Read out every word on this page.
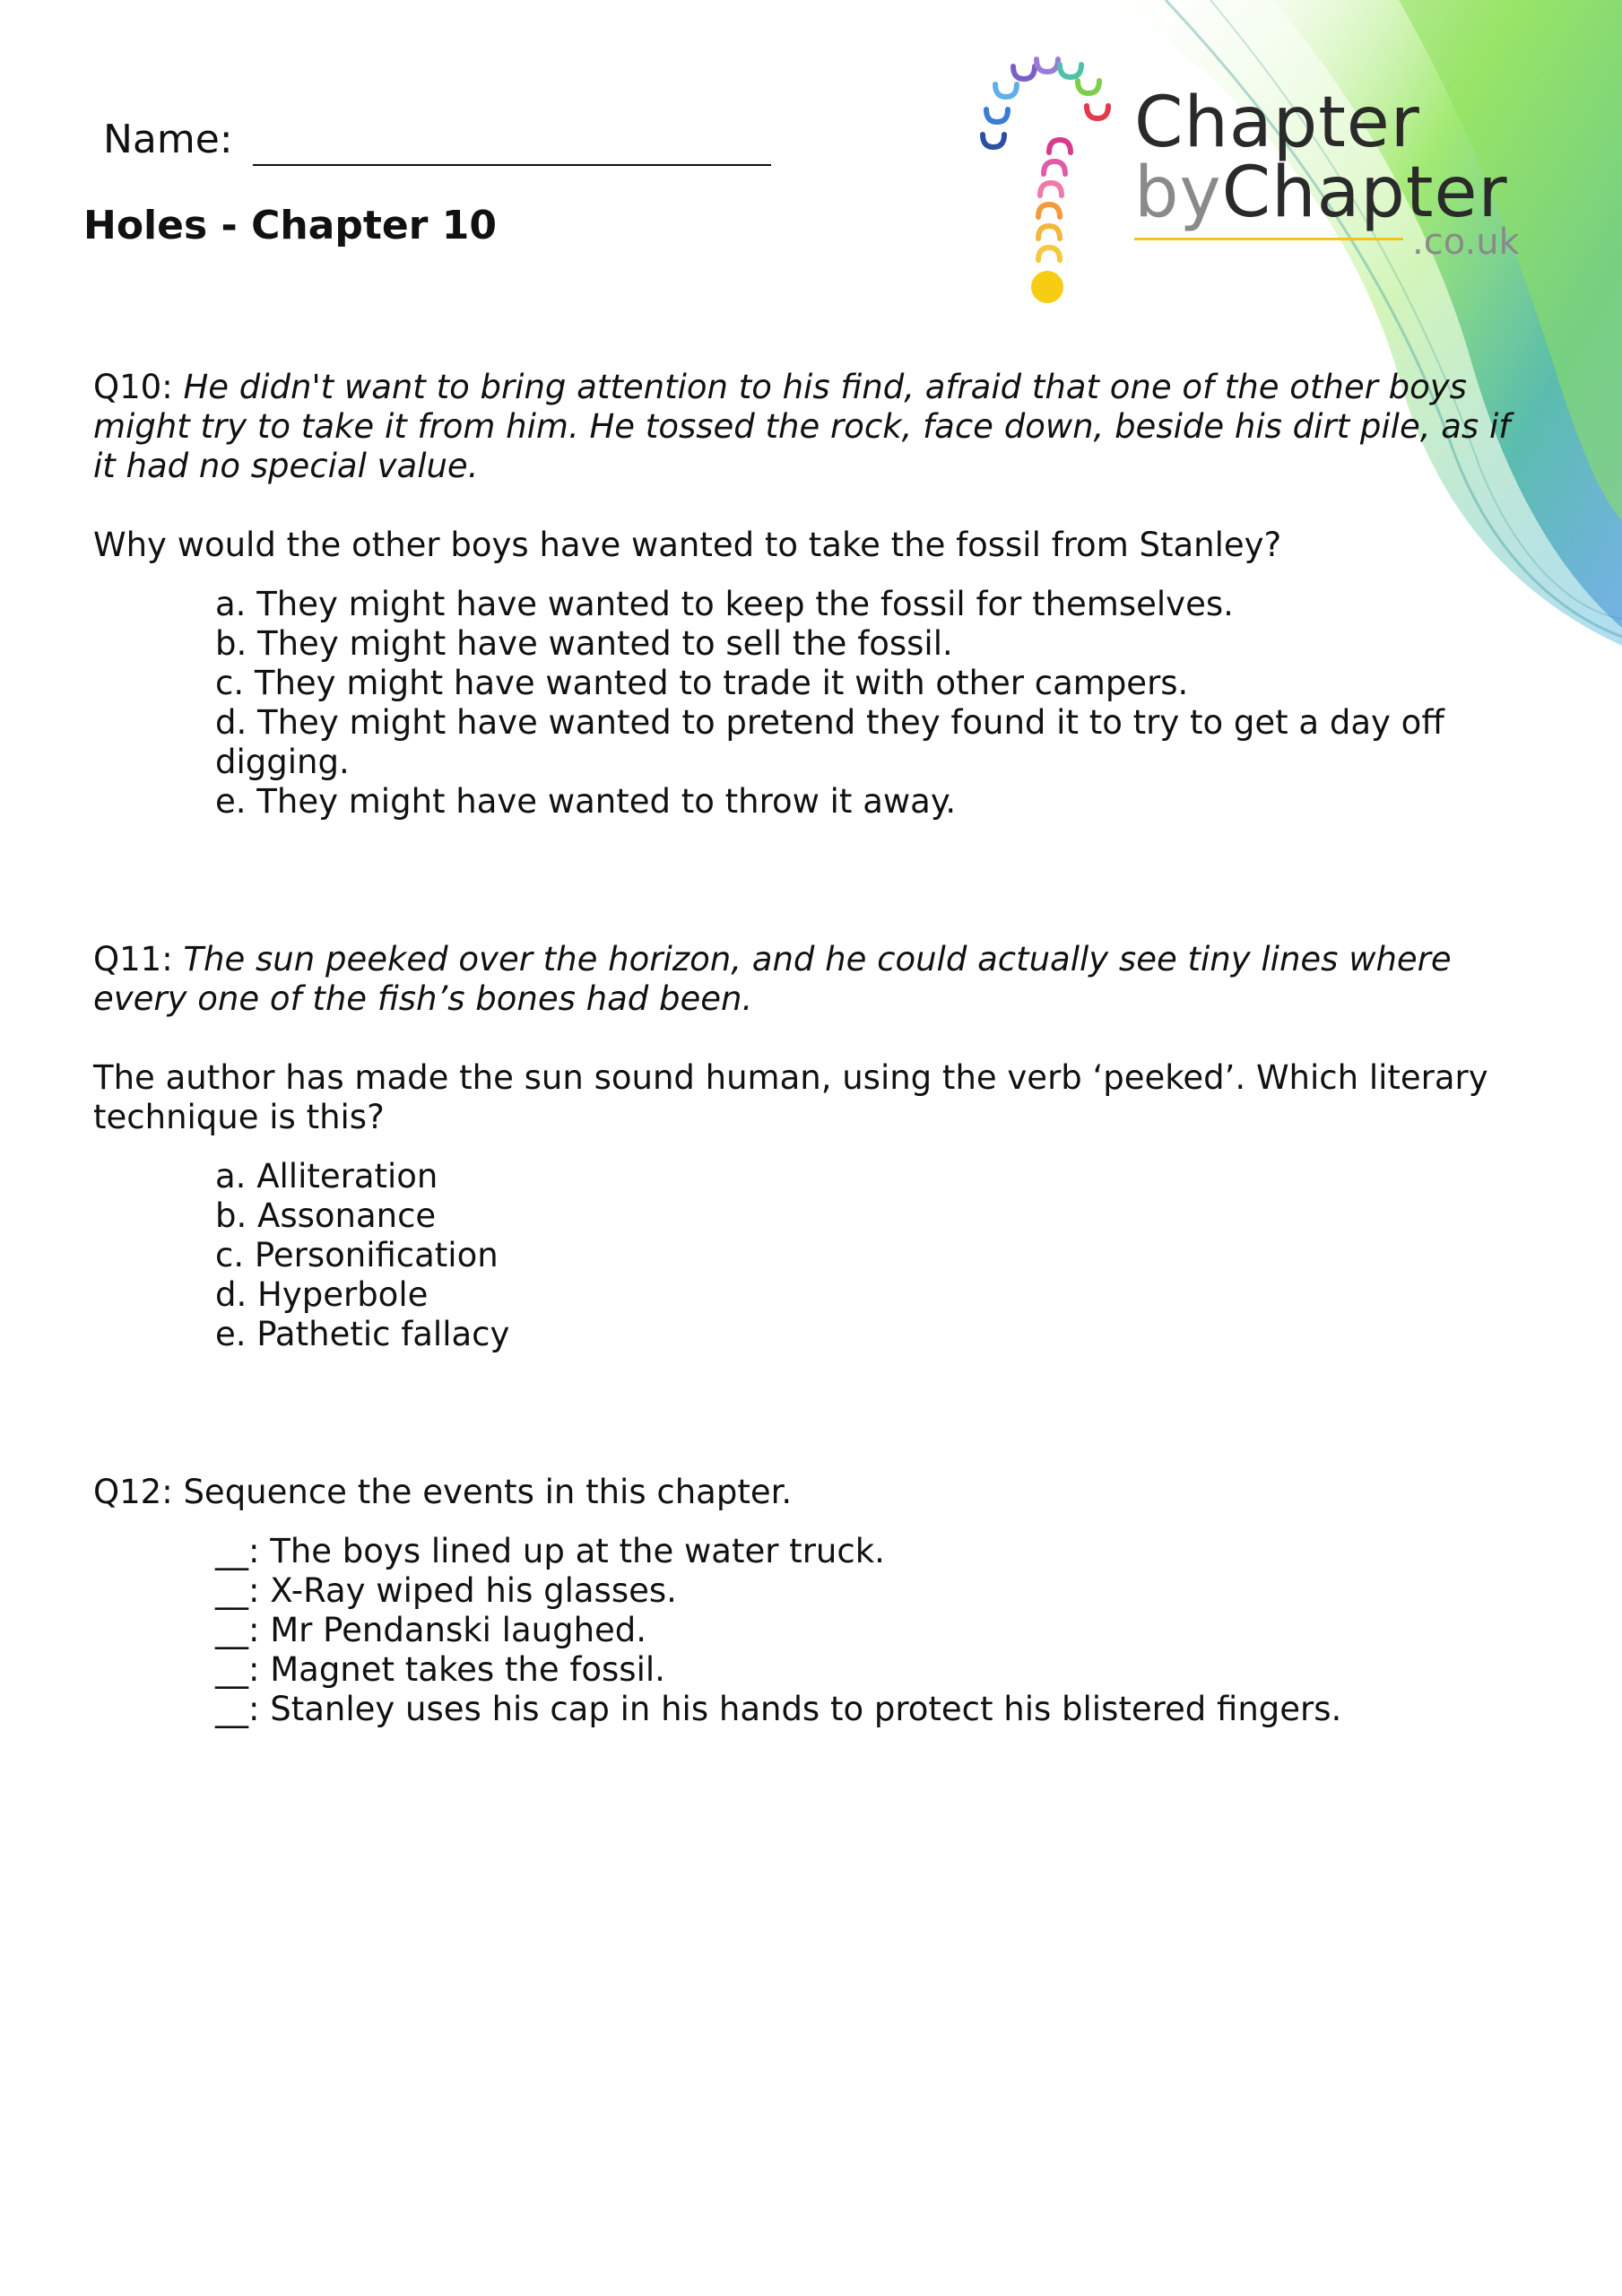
Name:
Holes - Chapter 10
Chapter
byChapter
.co.uk

Q10: He didn't want to bring attention to his find, afraid that one of the other boys might try to take it from him. He tossed the rock, face down, beside his dirt pile, as if it had no special value.

Why would the other boys have wanted to take the fossil from Stanley?

a. They might have wanted to keep the fossil for themselves.
b. They might have wanted to sell the fossil.
c. They might have wanted to trade it with other campers.
d. They might have wanted to pretend they found it to try to get a day off digging.
e. They might have wanted to throw it away.

Q11: The sun peeked over the horizon, and he could actually see tiny lines where every one of the fish’s bones had been.

The author has made the sun sound human, using the verb ‘peeked’. Which literary technique is this?

a. Alliteration
b. Assonance
c. Personification
d. Hyperbole
e. Pathetic fallacy

Q12: Sequence the events in this chapter.

__: The boys lined up at the water truck.
__: X-Ray wiped his glasses.
__: Mr Pendanski laughed.
__: Magnet takes the fossil.
__: Stanley uses his cap in his hands to protect his blistered fingers.
